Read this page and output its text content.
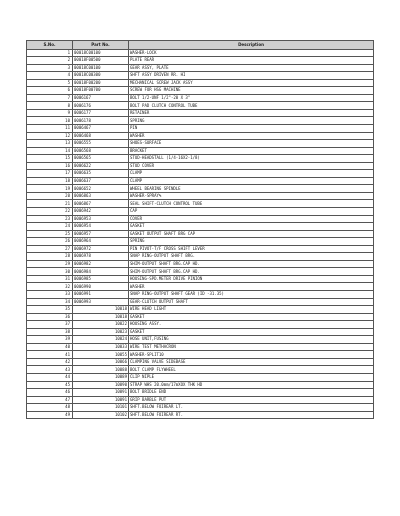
S.No.	Part No.	Description
1	00018C00100	WASHER-LOCK
2	00018F00500	PLATE REAR
3	00018C00100	GEAR ASSY, PLATE
4	00018C00300	SHFT ASSY DRIVEN RR. HI
5	00018F00200	MECHANICAL SCREW JACK ASSY
6	00018F00700	SCREW FOR HSG MACHINE
7	0006167	BOLT 1/2-UNF 1/2"-20 X 3"
8	0006176	BOLT PAD CLUTCH CONTROL TUBE
9	0006177	RETAINER
10	0006178	SPRING
11	0006467	PIN
12	0006468	WASHER
13	0006555	SHOES-SURFACE
14	0006568	BRACKET
15	0006565	STUD-HEADSTALL (1/4-16X2-1/8)
16	0006622	STUD COVER
17	0006635	CLAMP
18	0006637	CLAMP
19	0006652	WHEEL BEARING SPINDLE
20	0006863	WASHER-SPRAY%
21	0006867	SEAL SHIFT-CLUTCH CONTROL TUBE
22	0006942	CAP
23	0006953	COVER
24	0006954	GASKET
25	0006957	GASKET OUTPUT SHAFT BRG CAP
26	0006964	SPRING
27	0006972	PIN PIVOT-T/F CROSS SHIFT LEVER
28	0006978	SNAP RING-OUTPUT SHAFT BRG.
29	0006982	SHIM-OUTPUT SHAFT BRG.CAP HD.
30	0006984	SHIM-OUTPUT SHAFT BRG.CAP HD.
31	0006985	HOUSING-SPD.METER DRIVE PINION
32	0006990	WASHER
33	0006991	SNAP RING-OUTPUT SHAFT GEAR (ID -31.35)
34	0006993	GEAR-CLUTCH OUTPUT SHAFT
35	10018	WIRE HEAD LIGHT
36	10018	GASKET
37	10022	HOUSING ASSY.
38	10023	GASKET
39	10024	HOSE UNIT,FUSING
40	10033	WIRE TEST METHACRON
41	10055	WASHER-SPLIT10
42	10066	CLAMPING VALVE SIDEBASE
43	10088	BOLT CLAMP FLYWHEEL
44	10089	CLIP NIPLE
45	10090	STRAP WHS 20.0mm/17mXOX THK HD
46	10091	BOLT BRIDLE END
47	10091	GRIP BARBLE PUT
48	10101	SHFT.BELOW FOIREAR LT.
49	10102	SHFT.BELOW FOIREAR RT.
